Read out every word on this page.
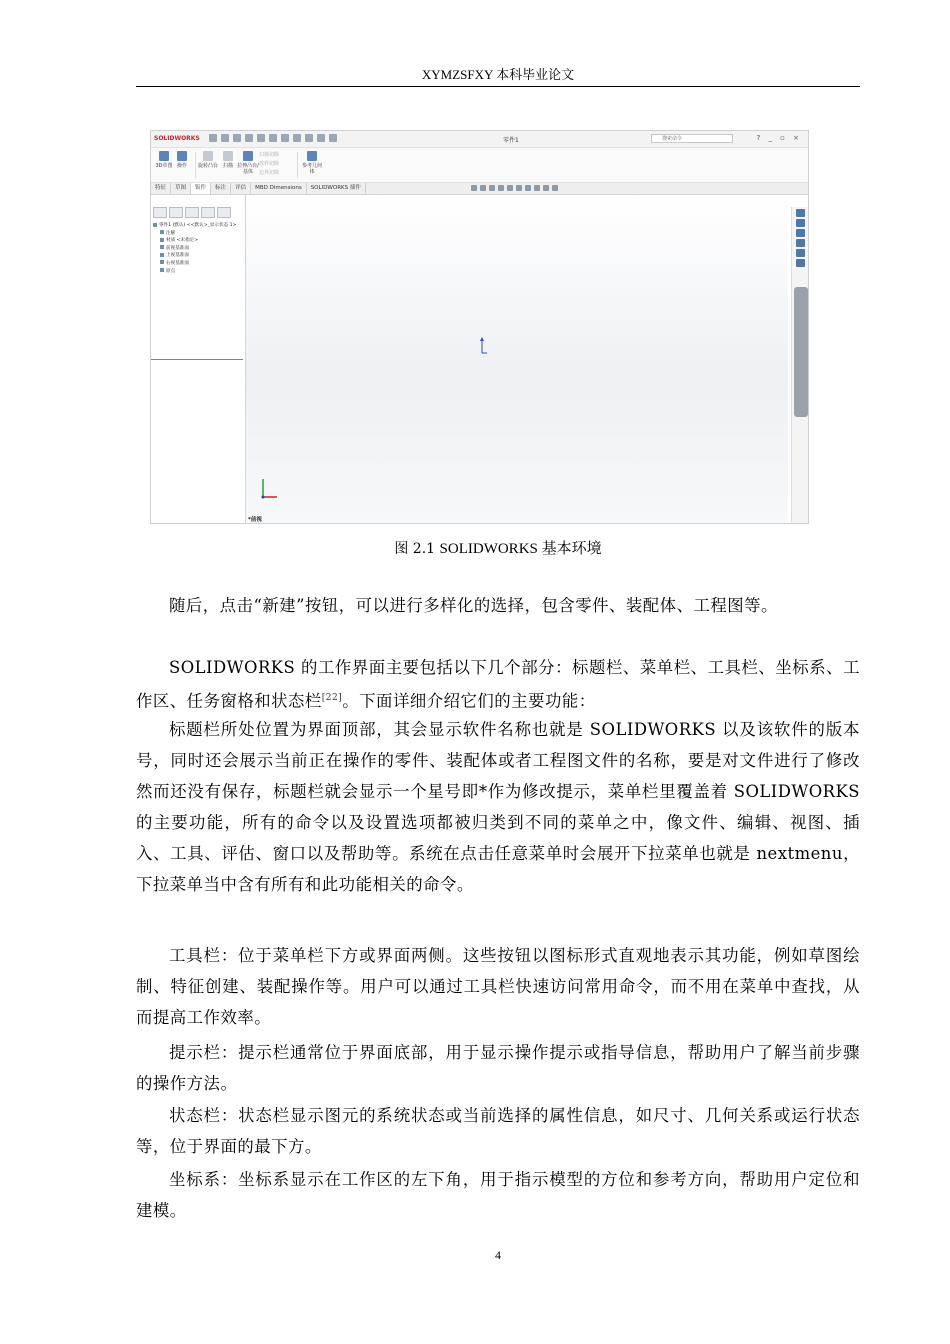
XYMZSFXY 本科毕业论文
SOLIDWORKS	零件1	搜索命令	? _ ▫ ×
3D草图 操作	旋转凸台 扫描 拉伸凸台/基体
扫描切除
放样切除
边界切除
参考几何体
特征	草图	钣件	标注	评估	MBD Dimensions	SOLIDWORKS 插件
零件1 (默认) <<默认>_显示状态 1>
注解
材质 <未指定>
前视基准面
上视基准面
右视基准面
原点
*前视
图 2.1 SOLIDWORKS 基本环境
随后，点击“新建”按钮，可以进行多样化的选择，包含零件、装配体、工程图等。
SOLIDWORKS 的工作界面主要包括以下几个部分：标题栏、菜单栏、工具栏、坐标系、工作区、任务窗格和状态栏[22]。下面详细介绍它们的主要功能：
标题栏所处位置为界面顶部，其会显示软件名称也就是 SOLIDWORKS 以及该软件的版本号，同时还会展示当前正在操作的零件、装配体或者工程图文件的名称，要是对文件进行了修改然而还没有保存，标题栏就会显示一个星号即*作为修改提示，菜单栏里覆盖着 SOLIDWORKS 的主要功能，所有的命令以及设置选项都被归类到不同的菜单之中，像文件、编辑、视图、插入、工具、评估、窗口以及帮助等。系统在点击任意菜单时会展开下拉菜单也就是 nextmenu，下拉菜单当中含有所有和此功能相关的命令。
工具栏：位于菜单栏下方或界面两侧。这些按钮以图标形式直观地表示其功能，例如草图绘制、特征创建、装配操作等。用户可以通过工具栏快速访问常用命令，而不用在菜单中查找，从而提高工作效率。
提示栏：提示栏通常位于界面底部，用于显示操作提示或指导信息，帮助用户了解当前步骤的操作方法。
状态栏：状态栏显示图元的系统状态或当前选择的属性信息，如尺寸、几何关系或运行状态等，位于界面的最下方。
坐标系：坐标系显示在工作区的左下角，用于指示模型的方位和参考方向，帮助用户定位和建模。
4
